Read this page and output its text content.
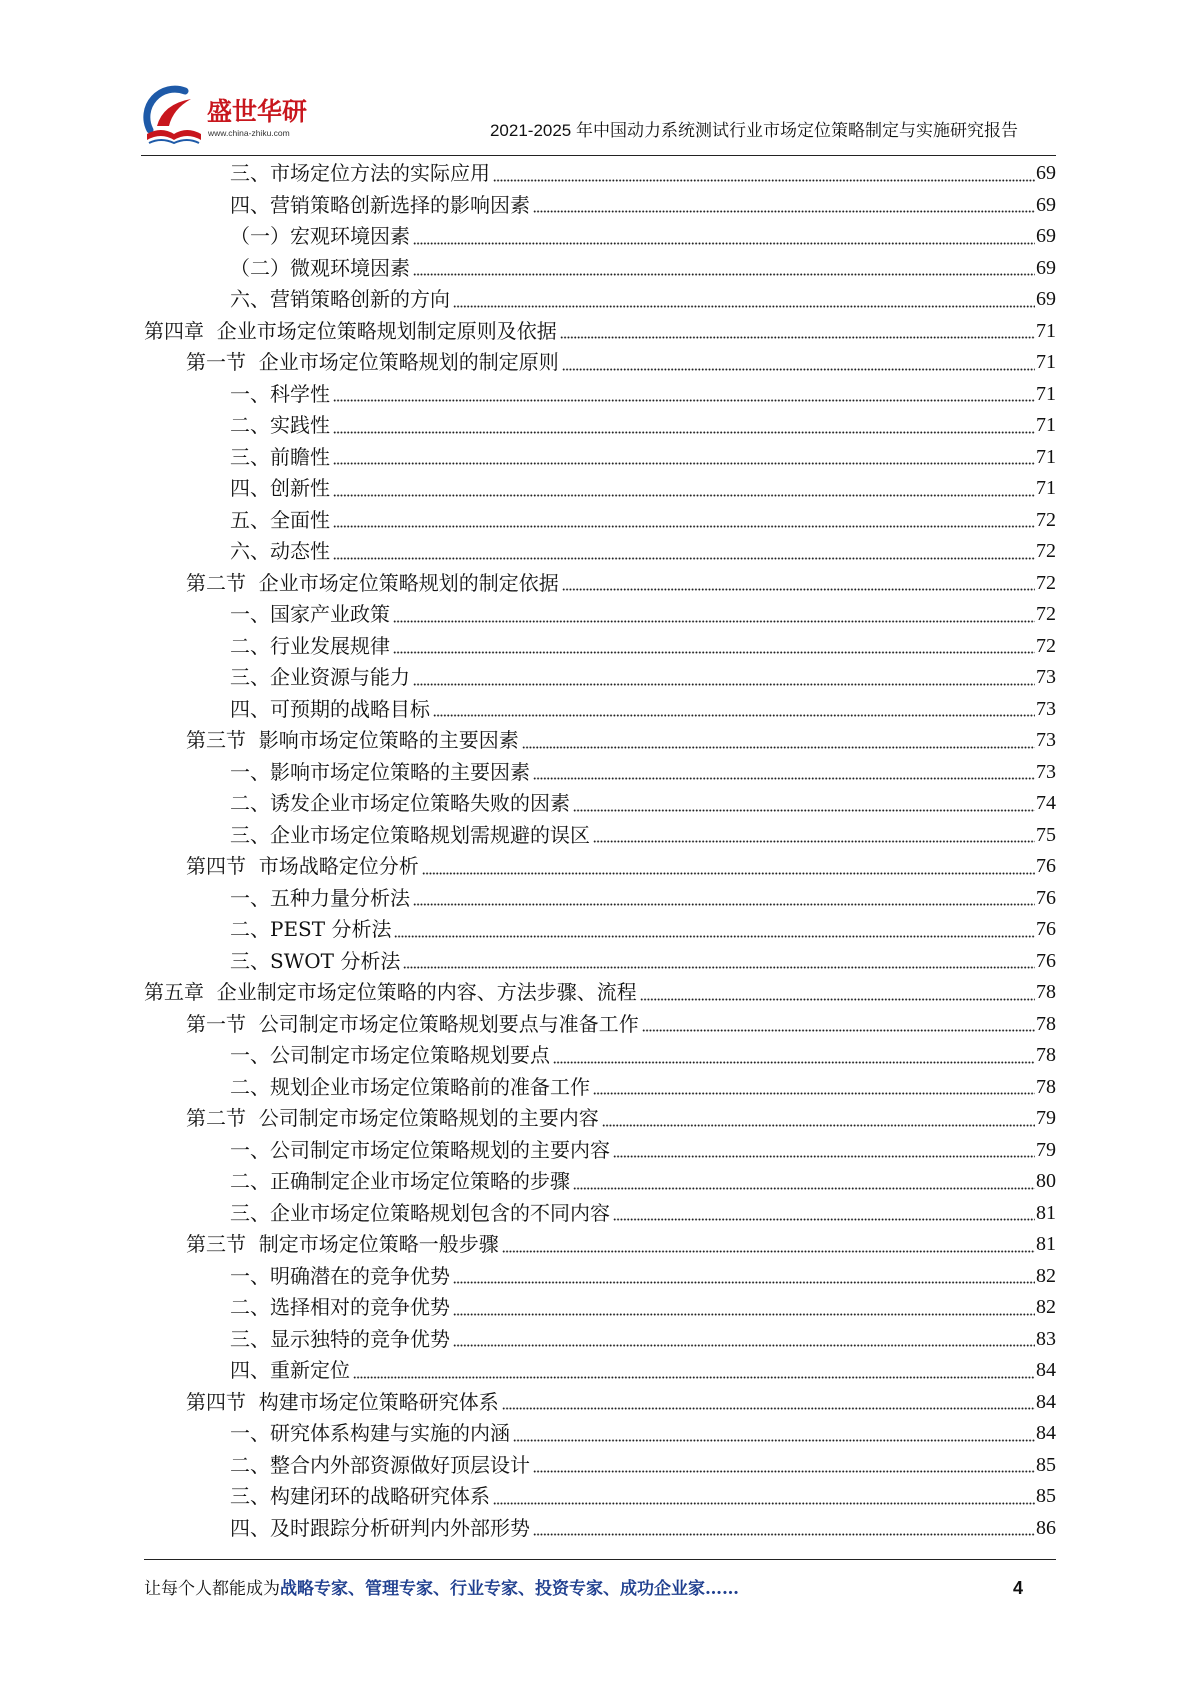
盛世华研
www.china-zhiku.com	2021-2025 年中国动力系统测试行业市场定位策略制定与实施研究报告
三、市场定位方法的实际应用	69
四、营销策略创新选择的影响因素	69
（一）宏观环境因素	69
（二）微观环境因素	69
六、营销策略创新的方向	69
第四章  企业市场定位策略规划制定原则及依据	71
第一节  企业市场定位策略规划的制定原则	71
一、科学性	71
二、实践性	71
三、前瞻性	71
四、创新性	71
五、全面性	72
六、动态性	72
第二节  企业市场定位策略规划的制定依据	72
一、国家产业政策	72
二、行业发展规律	72
三、企业资源与能力	73
四、可预期的战略目标	73
第三节  影响市场定位策略的主要因素	73
一、影响市场定位策略的主要因素	73
二、诱发企业市场定位策略失败的因素	74
三、企业市场定位策略规划需规避的误区	75
第四节  市场战略定位分析	76
一、五种力量分析法	76
二、PEST 分析法	76
三、SWOT 分析法	76
第五章  企业制定市场定位策略的内容、方法步骤、流程	78
第一节  公司制定市场定位策略规划要点与准备工作	78
一、公司制定市场定位策略规划要点	78
二、规划企业市场定位策略前的准备工作	78
第二节  公司制定市场定位策略规划的主要内容	79
一、公司制定市场定位策略规划的主要内容	79
二、正确制定企业市场定位策略的步骤	80
三、企业市场定位策略规划包含的不同内容	81
第三节  制定市场定位策略一般步骤	81
一、明确潜在的竞争优势	82
二、选择相对的竞争优势	82
三、显示独特的竞争优势	83
四、重新定位	84
第四节  构建市场定位策略研究体系	84
一、研究体系构建与实施的内涵	84
二、整合内外部资源做好顶层设计	85
三、构建闭环的战略研究体系	85
四、及时跟踪分析研判内外部形势	86
让每个人都能成为战略专家、管理专家、行业专家、投资专家、成功企业家……	4
